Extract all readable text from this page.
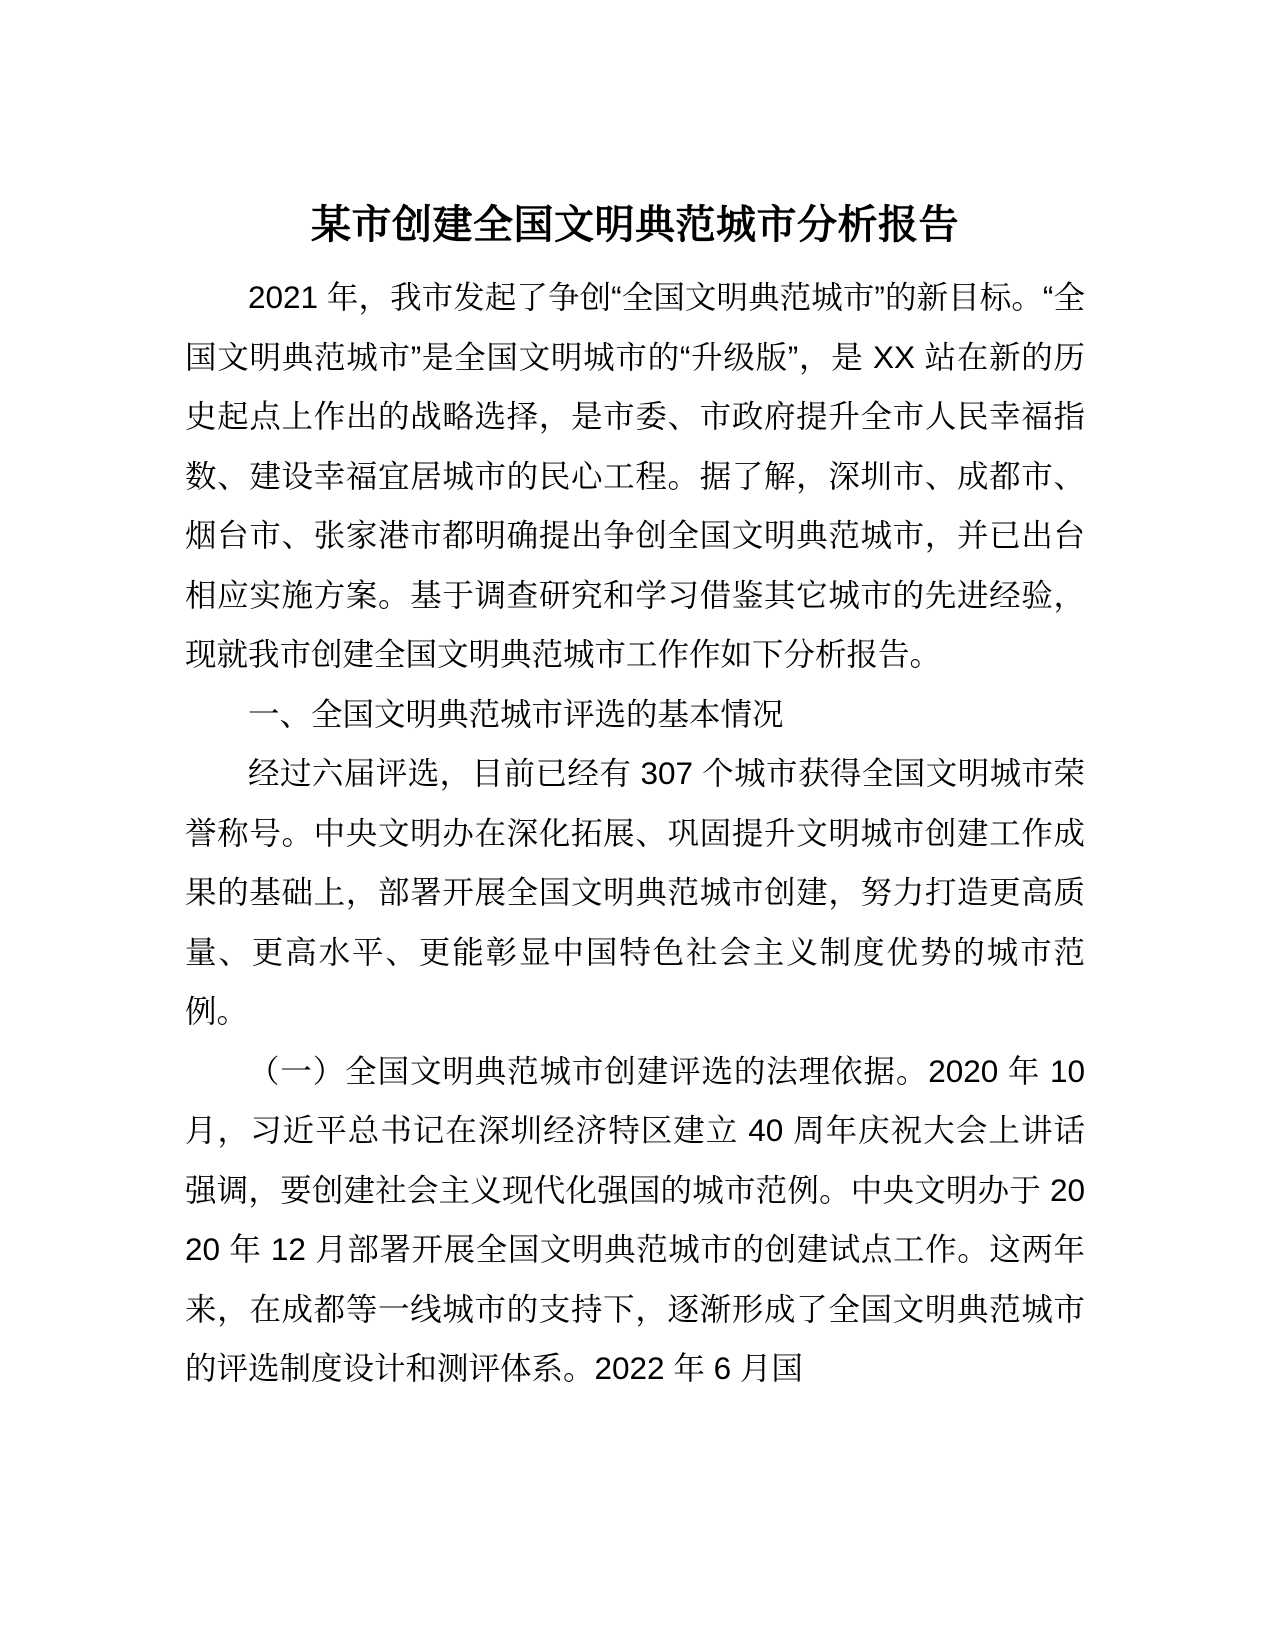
某市创建全国文明典范城市分析报告

2021 年，我市发起了争创“全国文明典范城市”的新目标。“全国文明典范城市”是全国文明城市的“升级版”，是 XX 站在新的历史起点上作出的战略选择，是市委、市政府提升全市人民幸福指数、建设幸福宜居城市的民心工程。据了解，深圳市、成都市、烟台市、张家港市都明确提出争创全国文明典范城市，并已出台相应实施方案。基于调查研究和学习借鉴其它城市的先进经验，现就我市创建全国文明典范城市工作作如下分析报告。

一、全国文明典范城市评选的基本情况

经过六届评选，目前已经有 307 个城市获得全国文明城市荣誉称号。中央文明办在深化拓展、巩固提升文明城市创建工作成果的基础上，部署开展全国文明典范城市创建，努力打造更高质量、更高水平、更能彰显中国特色社会主义制度优势的城市范例。

（一）全国文明典范城市创建评选的法理依据。2020 年 10 月，习近平总书记在深圳经济特区建立 40 周年庆祝大会上讲话强调，要创建社会主义现代化强国的城市范例。中央文明办于 2020 年 12 月部署开展全国文明典范城市的创建试点工作。这两年来，在成都等一线城市的支持下，逐渐形成了全国文明典范城市的评选制度设计和测评体系。2022 年 6 月国
